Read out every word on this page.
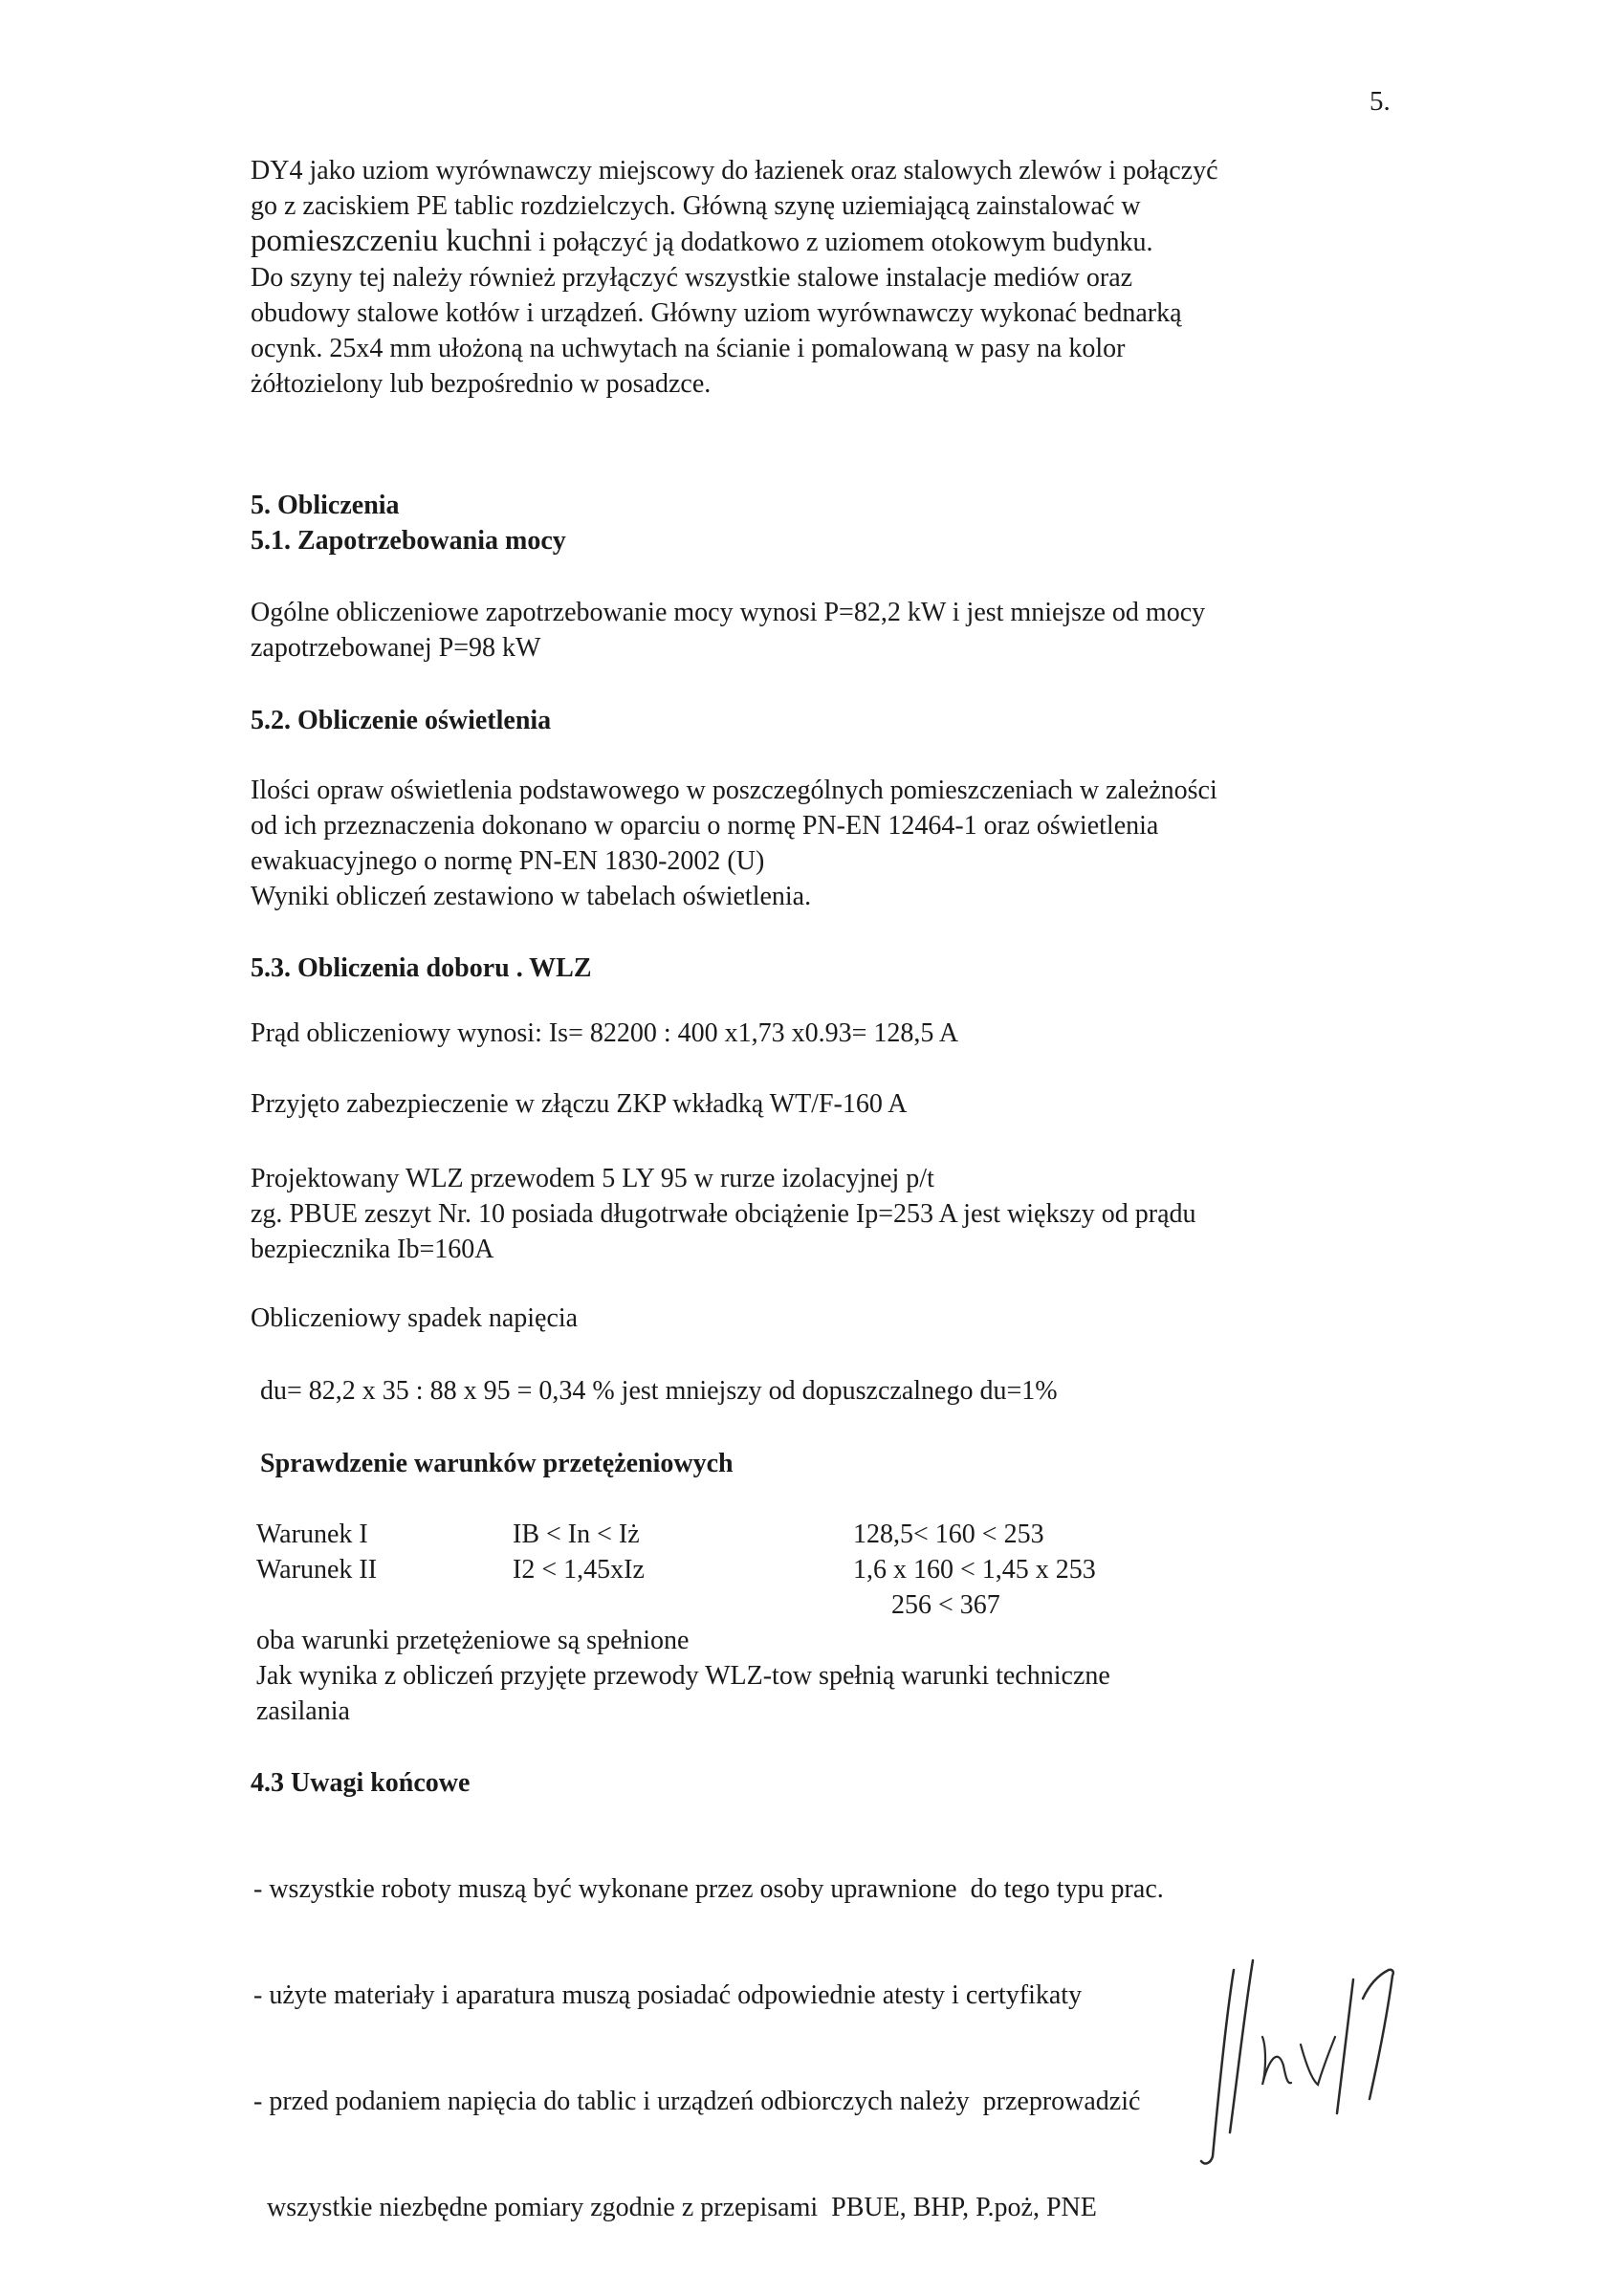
5.
DY4 jako uziom wyrównawczy miejscowy do łazienek oraz stalowych zlewów i połączyć
go z zaciskiem PE tablic rozdzielczych. Główną szynę uziemiającą zainstalować w
pomieszczeniu kuchni i połączyć ją dodatkowo z uziomem otokowym budynku.
Do szyny tej należy również przyłączyć wszystkie stalowe instalacje mediów oraz
obudowy stalowe kotłów i urządzeń. Główny uziom wyrównawczy wykonać bednarką
ocynk. 25x4 mm ułożoną na uchwytach na ścianie i pomalowaną w pasy na kolor
żółtozielony lub bezpośrednio w posadzce.
5. Obliczenia
5.1. Zapotrzebowania mocy
Ogólne obliczeniowe zapotrzebowanie mocy wynosi P=82,2 kW i jest mniejsze od mocy
zapotrzebowanej P=98 kW
5.2. Obliczenie oświetlenia
Ilości opraw oświetlenia podstawowego w poszczególnych pomieszczeniach w zależności
od ich przeznaczenia dokonano w oparciu o normę PN-EN 12464-1 oraz oświetlenia
ewakuacyjnego o normę PN-EN 1830-2002 (U)
Wyniki obliczeń zestawiono w tabelach oświetlenia.
5.3. Obliczenia doboru . WLZ
Prąd obliczeniowy wynosi: Is= 82200 : 400 x1,73 x0.93= 128,5 A
Przyjęto zabezpieczenie w złączu ZKP wkładką WT/F-160 A
Projektowany WLZ przewodem 5 LY 95 w rurze izolacyjnej p/t
zg. PBUE zeszyt Nr. 10 posiada długotrwałe obciążenie Ip=253 A jest większy od prądu
bezpiecznika Ib=160A
Obliczeniowy spadek napięcia
du= 82,2 x 35 : 88 x 95 = 0,34 % jest mniejszy od dopuszczalnego du=1%
Sprawdzenie warunków przetężeniowych
Warunek I	IB < In < Iż	128,5< 160 < 253
Warunek II	I2 < 1,45xIz	1,6 x 160 < 1,45 x 253
256 < 367
oba warunki przetężeniowe są spełnione
Jak wynika z obliczeń przyjęte przewody WLZ-tow spełnią warunki techniczne
zasilania
4.3 Uwagi końcowe

- wszystkie roboty muszą być wykonane przez osoby uprawnione  do tego typu prac.

- użyte materiały i aparatura muszą posiadać odpowiednie atesty i certyfikaty

- przed podaniem napięcia do tablic i urządzeń odbiorczych należy  przeprowadzić

wszystkie niezbędne pomiary zgodnie z przepisami  PBUE, BHP, P.poż, PNE
